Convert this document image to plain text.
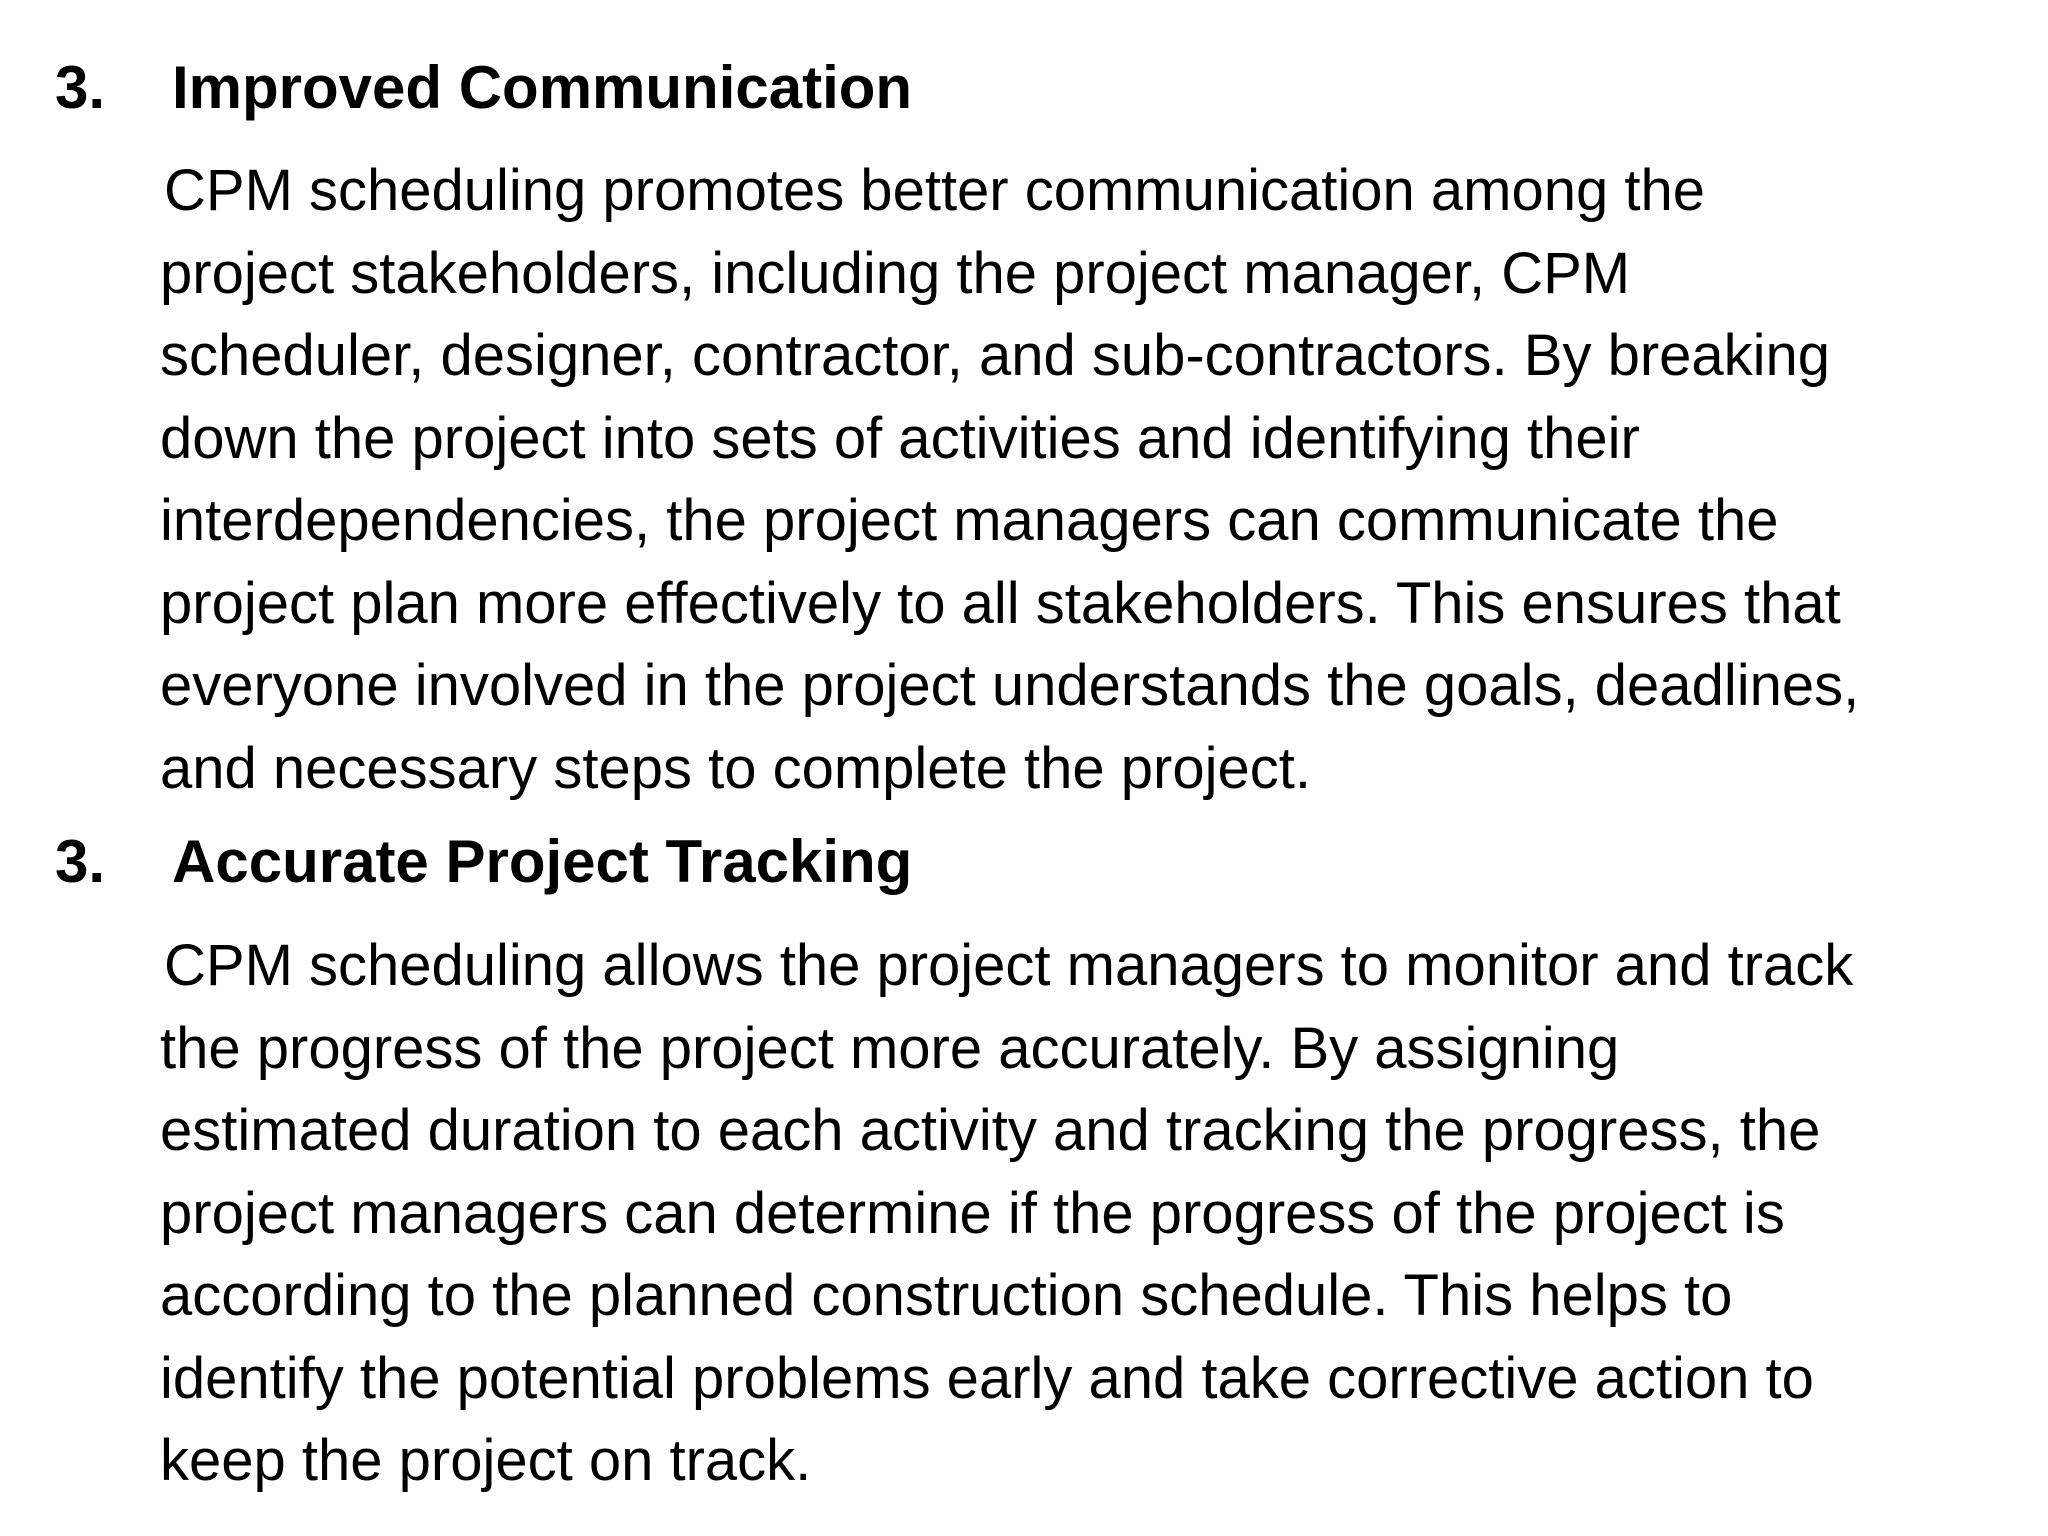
3.	Improved Communication

CPM scheduling promotes better communication among the
project stakeholders, including the project manager, CPM
scheduler, designer, contractor, and sub-contractors. By breaking
down the project into sets of activities and identifying their
interdependencies, the project managers can communicate the
project plan more effectively to all stakeholders. This ensures that
everyone involved in the project understands the goals, deadlines,
and necessary steps to complete the project.

3.	Accurate Project Tracking

CPM scheduling allows the project managers to monitor and track
the progress of the project more accurately. By assigning
estimated duration to each activity and tracking the progress, the
project managers can determine if the progress of the project is
according to the planned construction schedule. This helps to
identify the potential problems early and take corrective action to
keep the project on track.
